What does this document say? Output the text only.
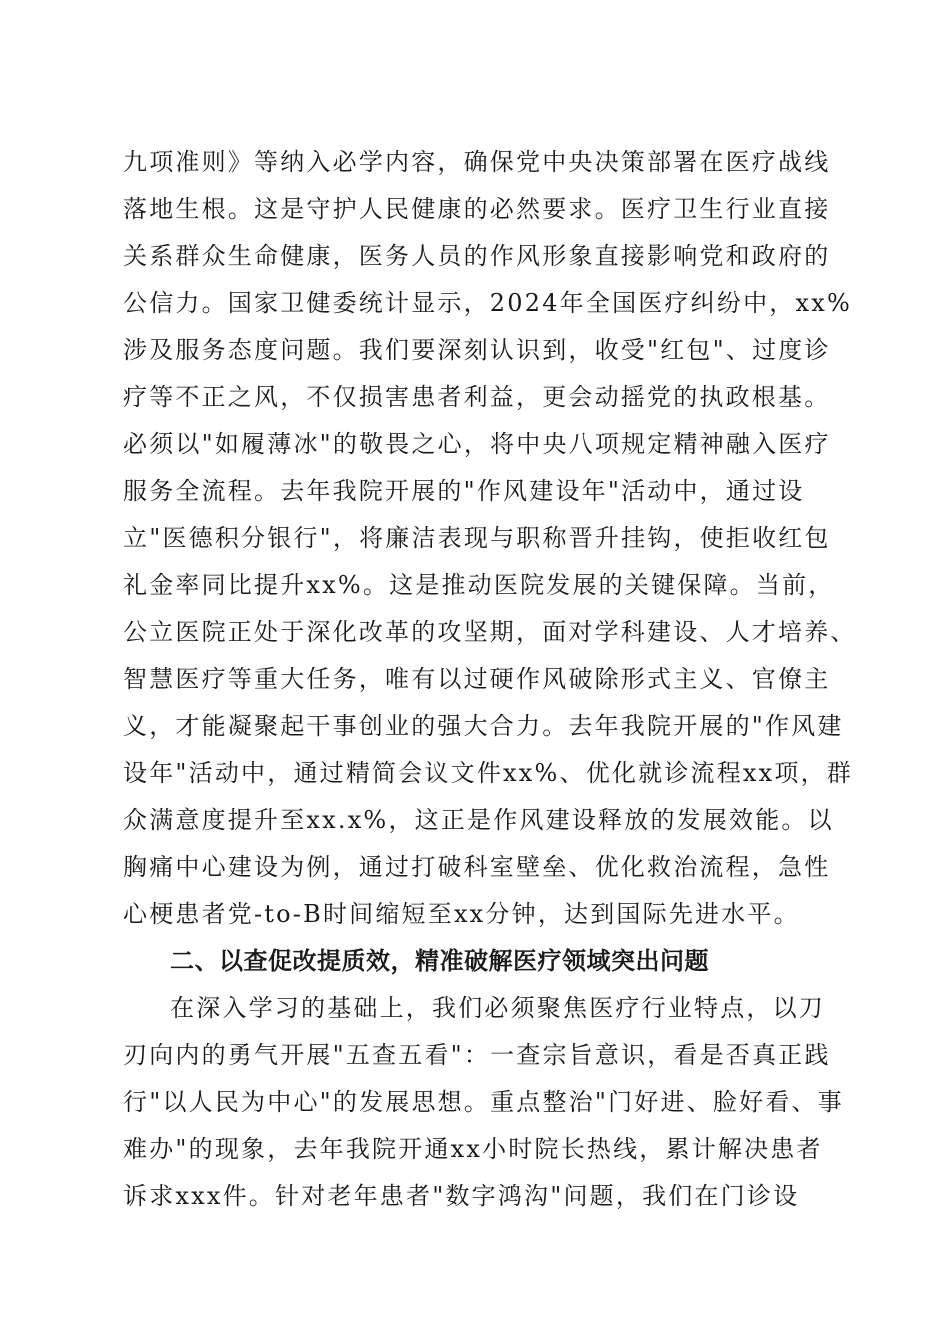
九项准则》等纳入必学内容，确保党中央决策部署在医疗战线
落地生根。这是守护人民健康的必然要求。医疗卫生行业直接
关系群众生命健康，医务人员的作风形象直接影响党和政府的
公信力。国家卫健委统计显示，2024年全国医疗纠纷中，xx%
涉及服务态度问题。我们要深刻认识到，收受"红包"、过度诊
疗等不正之风，不仅损害患者利益，更会动摇党的执政根基。
必须以"如履薄冰"的敬畏之心，将中央八项规定精神融入医疗
服务全流程。去年我院开展的"作风建设年"活动中，通过设
立"医德积分银行"，将廉洁表现与职称晋升挂钩，使拒收红包
礼金率同比提升xx%。这是推动医院发展的关键保障。当前，
公立医院正处于深化改革的攻坚期，面对学科建设、人才培养、
智慧医疗等重大任务，唯有以过硬作风破除形式主义、官僚主
义，才能凝聚起干事创业的强大合力。去年我院开展的"作风建
设年"活动中，通过精简会议文件xx%、优化就诊流程xx项，群
众满意度提升至xx.x%，这正是作风建设释放的发展效能。以
胸痛中心建设为例，通过打破科室壁垒、优化救治流程，急性
心梗患者党-to-B时间缩短至xx分钟，达到国际先进水平。
二、以查促改提质效，精准破解医疗领域突出问题
在深入学习的基础上，我们必须聚焦医疗行业特点，以刀
刃向内的勇气开展"五查五看"：一查宗旨意识，看是否真正践
行"以人民为中心"的发展思想。重点整治"门好进、脸好看、事
难办"的现象，去年我院开通xx小时院长热线，累计解决患者
诉求xxx件。针对老年患者"数字鸿沟"问题，我们在门诊设
